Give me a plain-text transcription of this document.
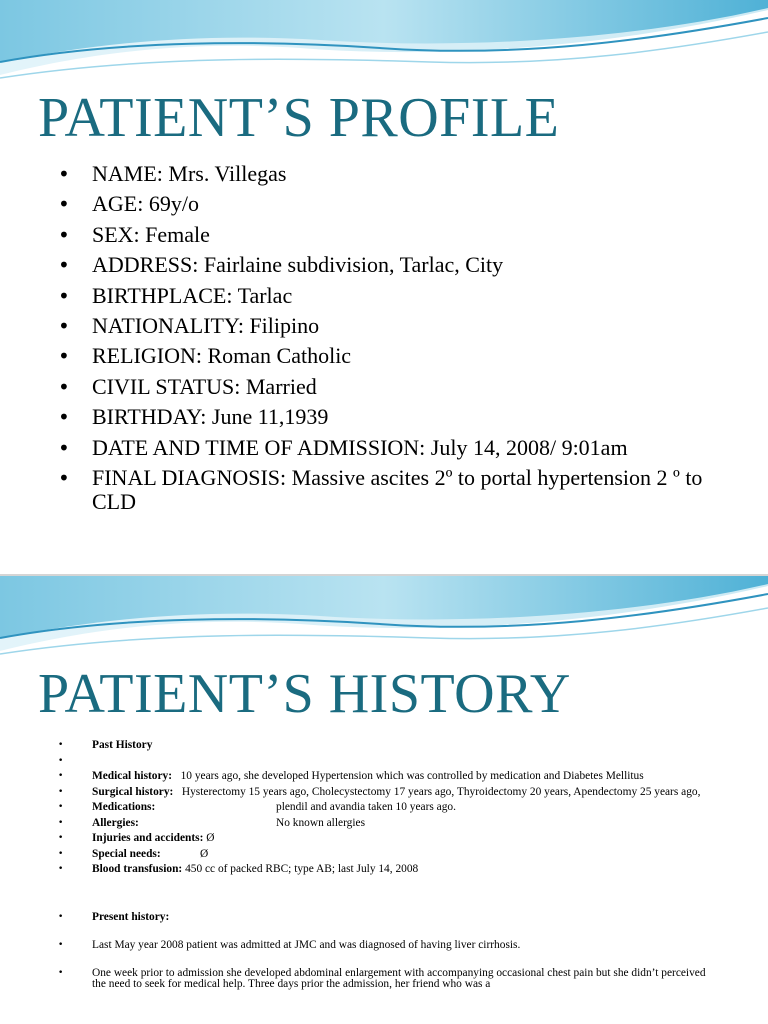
PATIENT’S PROFILE
• NAME: Mrs. Villegas
• AGE: 69y/o
• SEX: Female
• ADDRESS: Fairlaine subdivision, Tarlac, City
• BIRTHPLACE: Tarlac
• NATIONALITY: Filipino
• RELIGION: Roman Catholic
• CIVIL STATUS: Married
• BIRTHDAY: June 11,1939
• DATE AND TIME OF ADMISSION: July 14, 2008/ 9:01am
• FINAL DIAGNOSIS: Massive ascites 2º to portal hypertension 2 º to CLD
PATIENT’S HISTORY
•	Past History
•

•	Medical history: 10 years ago, she developed Hypertension which was controlled by medication and Diabetes Mellitus
•	Surgical history: Hysterectomy 15 years ago, Cholecystectomy 17 years ago, Thyroidectomy 20 years, Apendectomy 25 years ago,
•	Medications:	plendil and avandia taken 10 years ago.
•	Allergies:	No known allergies
•	Injuries and accidents: Ø
•	Special needs:	Ø
•	Blood transfusion: 450 cc of packed RBC; type AB; last July 14, 2008
•	Present history:
•	Last May year 2008 patient was admitted at JMC and was diagnosed of having liver cirrhosis.
•	One week prior to admission she developed abdominal enlargement with accompanying occasional chest pain but she didn’t perceived the need to seek for medical help. Three days prior the admission, her friend who was a
